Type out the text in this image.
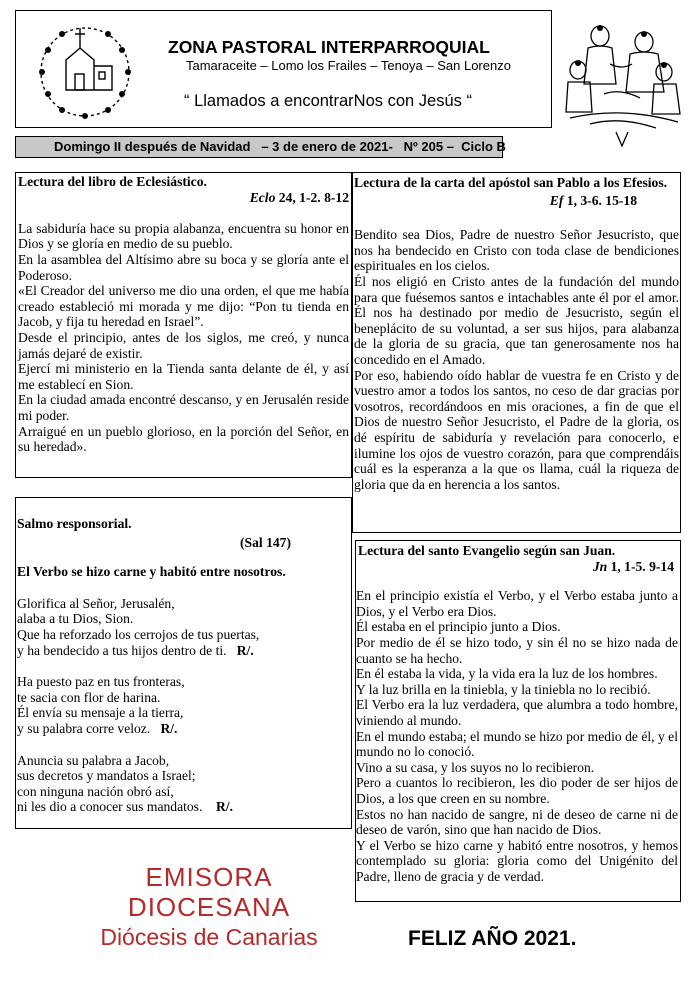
ZONA PASTORAL INTERPARROQUIAL
Tamaraceite – Lomo los Frailes – Tenoya – San Lorenzo
“ Llamados a encontrarNos con Jesús “
Domingo II después de Navidad   – 3 de enero de 2021-   Nº 205 –  Ciclo B

Lectura del libro de Eclesiástico.

Eclo 24, 1-2. 8-12

La sabiduría hace su propia alabanza, encuentra su honor en Dios y se gloría en medio de su pueblo.

En la asamblea del Altísimo abre su boca y se gloría ante el Poderoso.

«El Creador del universo me dio una orden, el que me había creado estableció mi morada y me dijo: “Pon tu tienda en Jacob, y fija tu heredad en Israel”.

Desde el principio, antes de los siglos, me creó, y nunca jamás dejaré de existir.

Ejercí mi ministerio en la Tienda santa delante de él, y así me establecí en Sion.

En la ciudad amada encontré descanso, y en Jerusalén reside mi poder.

Arraigué en un pueblo glorioso, en la porción del Señor, en su heredad».

Salmo responsorial.

(Sal 147)

El Verbo se hizo carne y habitó entre nosotros.

Glorifica al Señor, Jerusalén,

alaba a tu Dios, Sion.

Que ha reforzado los cerrojos de tus puertas,

y ha bendecido a tus hijos dentro de ti. R/.

Ha puesto paz en tus fronteras,

te sacia con flor de harina.

Él envía su mensaje a la tierra,

y su palabra corre veloz. R/.

Anuncia su palabra a Jacob,

sus decretos y mandatos a Israel;

con ninguna nación obró así,

ni les dio a conocer sus mandatos. R/.

Lectura de la carta del apóstol san Pablo a los Efesios.

Ef 1, 3-6. 15-18

Bendito sea Dios, Padre de nuestro Señor Jesucristo, que nos ha bendecido en Cristo con toda clase de bendiciones espirituales en los cielos.

Él nos eligió en Cristo antes de la fundación del mundo para que fuésemos santos e intachables ante él por el amor. Él nos ha destinado por medio de Jesucristo, según el beneplácito de su voluntad, a ser sus hijos, para alabanza de la gloria de su gracia, que tan generosamente nos ha concedido en el Amado.

Por eso, habiendo oído hablar de vuestra fe en Cristo y de vuestro amor a todos los santos, no ceso de dar gracias por vosotros, recordándoos en mis oraciones, a fin de que el Dios de nuestro Señor Jesucristo, el Padre de la gloria, os dé espíritu de sabiduría y revelación para conocerlo, e ilumine los ojos de vuestro corazón, para que comprendáis cuál es la esperanza a la que os llama, cuál la riqueza de gloria que da en herencia a los santos.

Lectura del santo Evangelio según san Juan.

Jn 1, 1-5. 9-14

En el principio existía el Verbo, y el Verbo estaba junto a Dios, y el Verbo era Dios.

Él estaba en el principio junto a Dios.

Por medio de él se hizo todo, y sin él no se hizo nada de cuanto se ha hecho.

En él estaba la vida, y la vida era la luz de los hombres.

Y la luz brilla en la tiniebla, y la tiniebla no lo recibió.

El Verbo era la luz verdadera, que alumbra a todo hombre, viniendo al mundo.

En el mundo estaba; el mundo se hizo por medio de él, y el mundo no lo conoció.

Vino a su casa, y los suyos no lo recibieron.

Pero a cuantos lo recibieron, les dio poder de ser hijos de Dios, a los que creen en su nombre.

Estos no han nacido de sangre, ni de deseo de carne ni de deseo de varón, sino que han nacido de Dios.

Y el Verbo se hizo carne y habitó entre nosotros, y hemos contemplado su gloria: gloria como del Unigénito del Padre, lleno de gracia y de verdad.

EMISORA
DIOCESANA
Diócesis de Canarias	FELIZ AÑO 2021.
